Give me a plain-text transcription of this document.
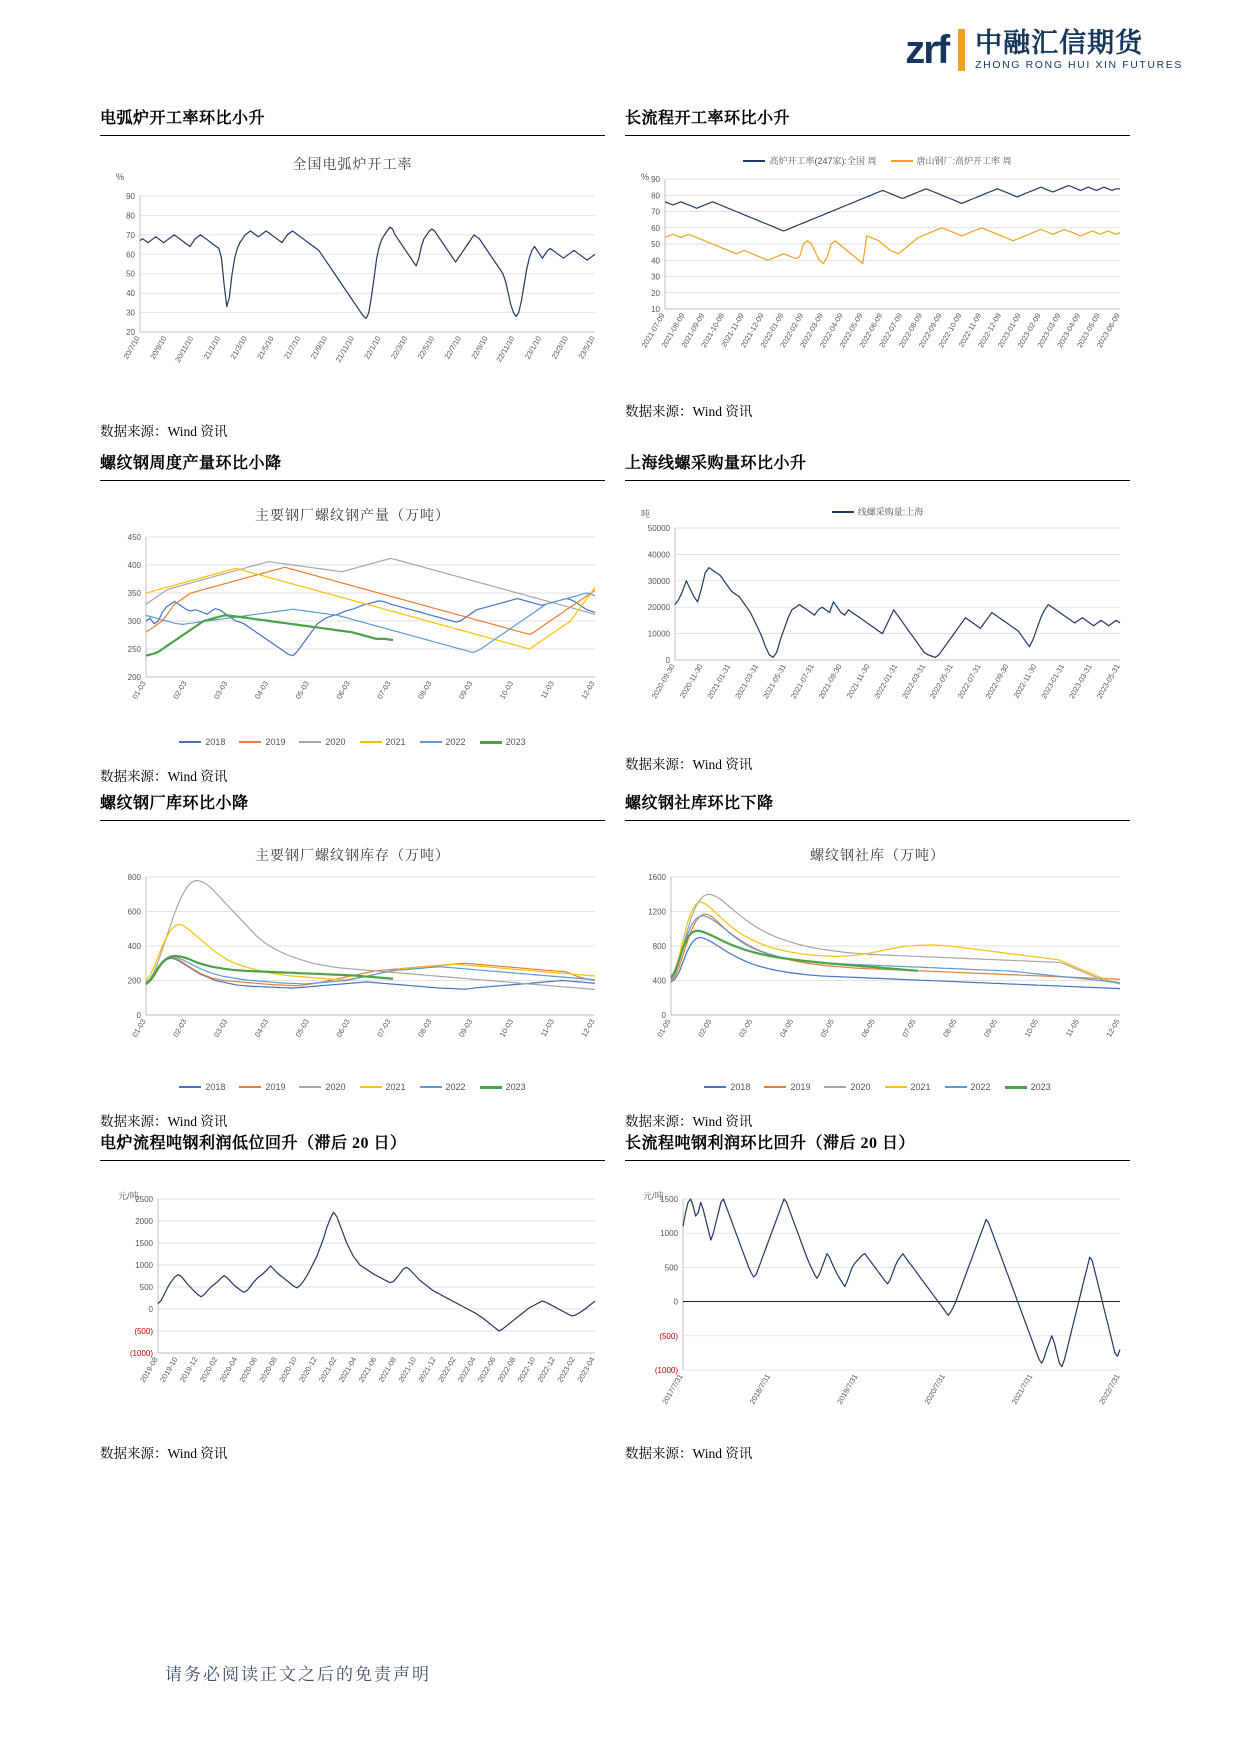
zrf 中融汇信期货
ZHONG RONG HUI XIN FUTURES
电弧炉开工率环比小升
全国电弧炉开工率
%
20
30
40
50
60
70
80
90
20/7/10 20/9/10 20/11/10 21/1/10 21/3/10 21/5/10 21/7/10 21/9/10 21/11/10 22/1/10 22/3/10 22/5/10 22/7/10 22/9/10 22/11/10 23/1/10 23/3/10 23/5/10
数据来源：Wind 资讯
长流程开工率环比小升
高炉开工率(247家):全国 周	唐山钢厂:高炉开工率 周
%
10
20
30
40
50
60
70
80
90
2021-07-09
2021-08-09
2021-09-09
2021-10-09
2021-11-09
2021-12-09
2022-01-09
2022-02-09
2022-03-09
2022-04-09
2022-05-09
2022-06-09
2022-07-09
2022-08-09
2022-09-09
2022-10-09
2022-11-09
2022-12-09
2023-01-09
2023-02-09
2023-03-09
2023-04-09
2023-05-09
2023-06-09
数据来源：Wind 资讯
螺纹钢周度产量环比小降
主要钢厂螺纹钢产量（万吨）
200
250
300
350
400
450
01-03	02-03	03-03	04-03	05-03	06-03	07-03	08-03	09-03	10-03	11-03	12-03
2018	2019	2020	2021	2022	2023
数据来源：Wind 资讯
上海线螺采购量环比小升
线螺采购量:上海
吨
0
10000
20000
30000
40000
50000
2020-09-30 2020-11-30 2021-01-31 2021-03-31 2021-05-31 2021-07-31 2021-09-30 2021-11-30 2022-01-31 2022-03-31 2022-05-31 2022-07-31 2022-09-30 2022-11-30 2023-01-31 2023-03-31 2023-05-31
数据来源：Wind 资讯
螺纹钢厂库环比小降
主要钢厂螺纹钢库存（万吨）
0
200
400
600
800
01-03	02-03	03-03	04-03	05-03	06-03	07-03	08-03	09-03	10-03	11-03	12-03
2018	2019	2020	2021	2022	2023
数据来源：Wind 资讯
螺纹钢社库环比下降
螺纹钢社库（万吨）
0
400
800
1200
1600
01-05	02-05	03-05	04-05	05-05	06-05	07-05	08-05	09-05	10-05	11-05	12-05
2018	2019	2020	2021	2022	2023
数据来源：Wind 资讯
电炉流程吨钢利润低位回升（滞后 20 日）
元/吨
2500
2000
1500
1000
500
0
(500)
(1000)
2019-08
2019-10
2019-12
2020-02
2020-04
2020-06
2020-08
2020-10
2020-12
2021-02
2021-04
2021-06
2021-08
2021-10
2021-12
2022-02
2022-04
2022-06
2022-08
2022-10
2022-12
2023-02
2023-04
数据来源：Wind 资讯
长流程吨钢利润环比回升（滞后 20 日）
元/吨
1500
1000
500
0
(500)
(1000)
2017/7/31	2018/7/31	2019/7/31	2020/7/31	2021/7/31	2022/7/31
数据来源：Wind 资讯
请务必阅读正文之后的免责声明
